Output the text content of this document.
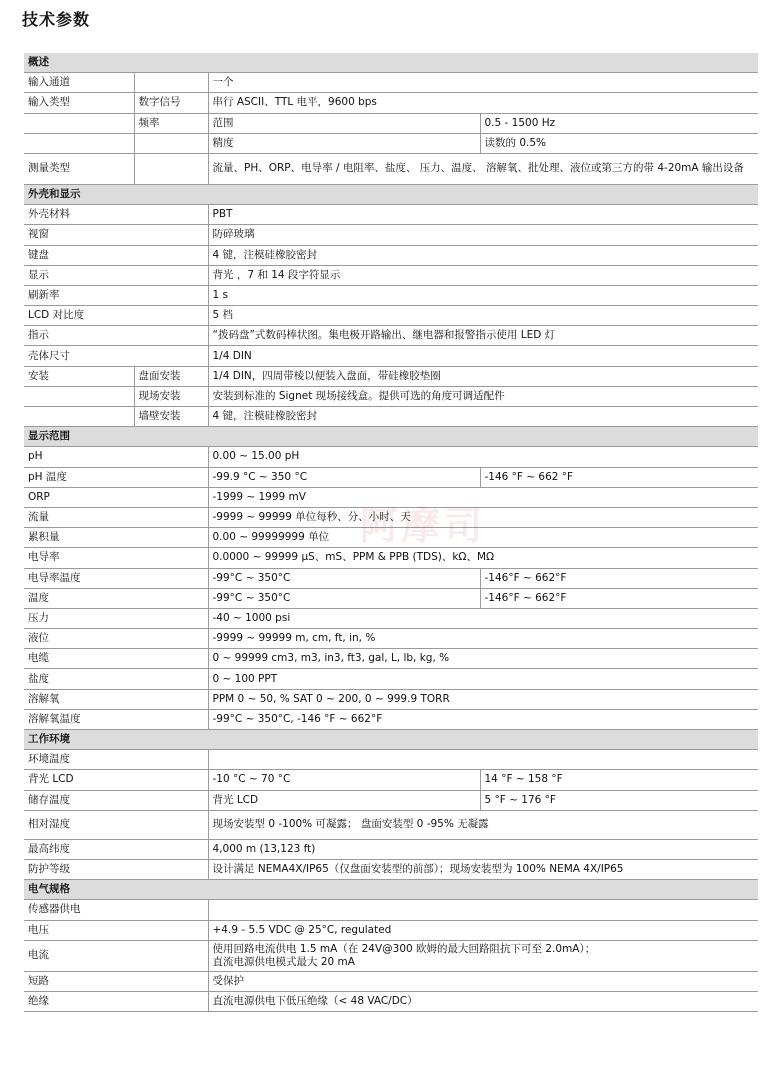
技术参数
概述			
输入通道		一个	
输入类型	数字信号	串行 ASCII、TTL 电平，9600 bps	
	频率	范围	0.5 - 1500 Hz
		精度	读数的 0.5%
测量类型		流量、PH、ORP、电导率 / 电阻率、盐度、 压力、温度、 溶解氧、批处理、液位或第三方的带 4-20mA 输出设备	
外壳和显示			
外壳材料		PBT	
视窗		防碎玻璃	
键盘		4 键，注模硅橡胶密封	
显示		背光 ，7 和 14 段字符显示	
刷新率		1 s	
LCD 对比度		5 档	
指示		“拨码盘”式数码棒状图。集电极开路输出、继电器和报警指示使用 LED 灯	
壳体尺寸		1/4 DIN	
安装	盘面安装	1/4 DIN，四周带棱以便装入盘面，带硅橡胶垫圈	
	现场安装	安装到标准的 Signet 现场接线盒。提供可选的角度可调适配件	
	墙壁安装	4 键，注模硅橡胶密封	
显示范围			
pH		0.00 ~ 15.00 pH	
pH 温度		-99.9 °C ~ 350 °C	-146 °F ~ 662 °F
ORP		-1999 ~ 1999 mV	
流量		-9999 ~ 99999 单位每秒、分、小时、天	
累积量		0.00 ~ 99999999 单位	
电导率		0.0000 ~ 99999 μS、mS、PPM & PPB (TDS)、kΩ、MΩ	
电导率温度		-99°C ~ 350°C	-146°F ~ 662°F
温度		-99°C ~ 350°C	-146°F ~ 662°F
压力		-40 ~ 1000 psi	
液位		-9999 ~ 99999 m, cm, ft, in, %	
电缆		0 ~ 99999 cm3, m3, in3, ft3, gal, L, lb, kg, %	
盐度		0 ~ 100 PPT	
溶解氧		PPM 0 ~ 50, % SAT 0 ~ 200, 0 ~ 999.9 TORR	
溶解氧温度		-99°C ~ 350°C, -146 °F ~ 662°F	
工作环境			
环境温度			
背光 LCD		-10 °C ~ 70 °C	14 °F ~ 158 °F
储存温度		背光 LCD	5 °F ~ 176 °F
相对湿度		现场安装型 0 -100% 可凝露； 盘面安装型 0 -95% 无凝露	
最高纬度		4,000 m (13,123 ft)	
防护等级		设计满足 NEMA4X/IP65（仅盘面安装型的前部）；现场安装型为 100% NEMA 4X/IP65	
电气规格			
传感器供电			
电压		+4.9 - 5.5 VDC @ 25°C, regulated	
电流		使用回路电流供电 1.5 mA（在 24V@300 欧姆的最大回路阻抗下可至 2.0mA）；
直流电源供电模式最大 20 mA	

短路		受保护	
绝缘		直流电源供电下低压绝缘（< 48 VAC/DC）	
阿摩司
